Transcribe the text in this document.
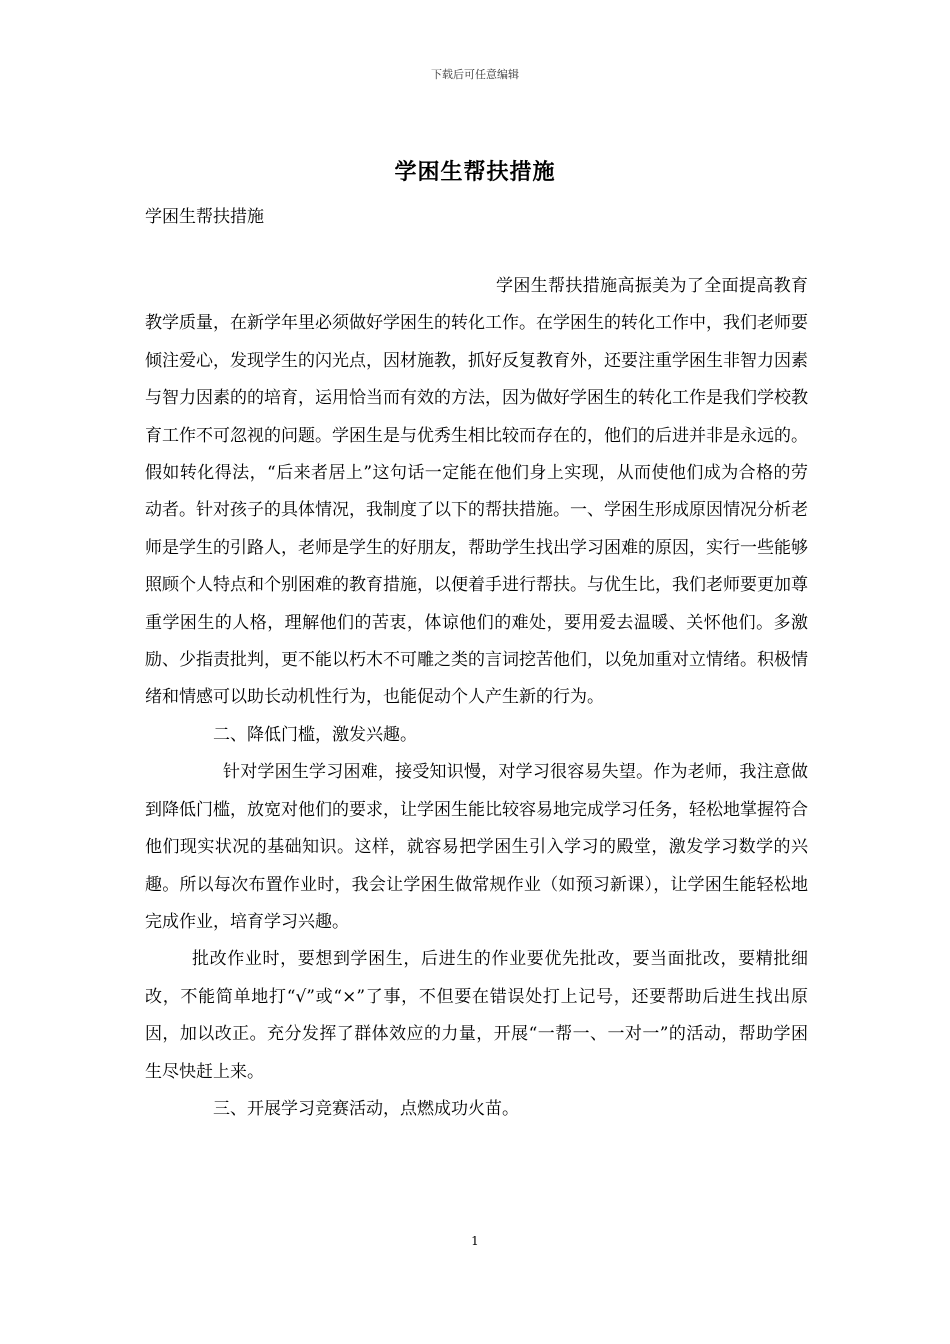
下载后可任意编辑
学困生帮扶措施
学困生帮扶措施

学困生帮扶措施高振美为了全面提高教育教学质量，在新学年里必须做好学困生的转化工作。在学困生的转化工作中，我们老师要倾注爱心，发现学生的闪光点，因材施教，抓好反复教育外，还要注重学困生非智力因素与智力因素的的培育，运用恰当而有效的方法，因为做好学困生的转化工作是我们学校教育工作不可忽视的问题。学困生是与优秀生相比较而存在的，他们的后进并非是永远的。假如转化得法，“后来者居上”这句话一定能在他们身上实现，从而使他们成为合格的劳动者。针对孩子的具体情况，我制度了以下的帮扶措施。一、学困生形成原因情况分析老师是学生的引路人，老师是学生的好朋友，帮助学生找出学习困难的原因，实行一些能够照顾个人特点和个别困难的教育措施，以便着手进行帮扶。与优生比，我们老师要更加尊重学困生的人格，理解他们的苦衷，体谅他们的难处，要用爱去温暖、关怀他们。多激励、少指责批判，更不能以朽木不可雕之类的言词挖苦他们，以免加重对立情绪。积极情绪和情感可以助长动机性行为，也能促动个人产生新的行为。

二、降低门槛，激发兴趣。

针对学困生学习困难，接受知识慢，对学习很容易失望。作为老师，我注意做到降低门槛，放宽对他们的要求，让学困生能比较容易地完成学习任务，轻松地掌握符合他们现实状况的基础知识。这样，就容易把学困生引入学习的殿堂，激发学习数学的兴趣。所以每次布置作业时，我会让学困生做常规作业（如预习新课），让学困生能轻松地完成作业，培育学习兴趣。

批改作业时，要想到学困生，后进生的作业要优先批改，要当面批改，要精批细改，不能简单地打“√”或“×”了事，不但要在错误处打上记号，还要帮助后进生找出原因，加以改正。充分发挥了群体效应的力量，开展“一帮一、一对一”的活动，帮助学困生尽快赶上来。

三、开展学习竞赛活动，点燃成功火苗。

1
